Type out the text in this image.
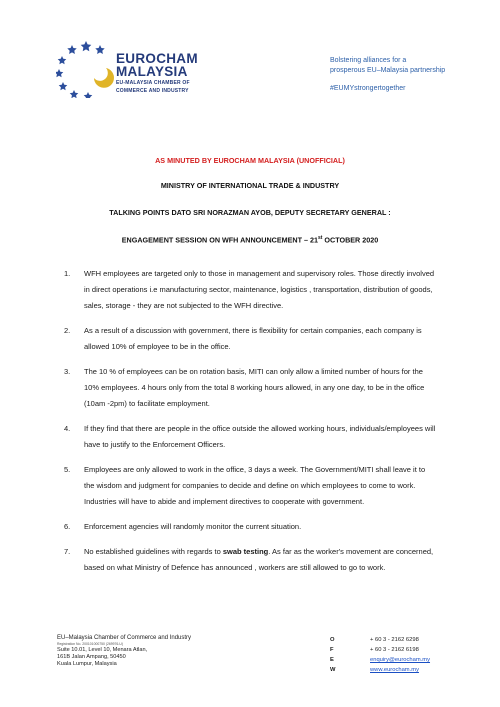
EUROCHAM
MALAYSIA
EU-MALAYSIA CHAMBER OF
COMMERCE AND INDUSTRY
Bolstering alliances for a
prosperous EU–Malaysia partnership
#EUMYstrongertogether
AS MINUTED BY EUROCHAM MALAYSIA (UNOFFICIAL)
MINISTRY OF INTERNATIONAL TRADE & INDUSTRY
TALKING POINTS DATO SRI NORAZMAN AYOB, DEPUTY SECRETARY GENERAL :
ENGAGEMENT SESSION ON WFH ANNOUNCEMENT – 21st OCTOBER 2020
1.	WFH employees are targeted only to those in management and supervisory roles. Those directly involved in direct operations i.e manufacturing sector, maintenance, logistics , transportation, distribution of goods, sales, storage - they are not subjected to the WFH directive.
2.	As a result of a discussion with government, there is flexibility for certain companies, each company is allowed 10% of employee to be in the office.
3.	The 10 % of employees can be on rotation basis, MITI can only allow a limited number of hours for the 10% employees. 4 hours only from the total 8 working hours allowed, in any one day, to be in the office (10am -2pm) to facilitate employment.
4.	If they find that there are people in the office outside the allowed working hours, individuals/employees will have to justify to the Enforcement Officers.
5.	Employees are only allowed to work in the office, 3 days a week. The Government/MITI shall leave it to the wisdom and judgment for companies to decide and define on which employees to come to work. Industries will have to abide and implement directives to cooperate with government.
6.	Enforcement agencies will randomly monitor the current situation.
7.	No established guidelines with regards to swab testing. As far as the worker's movement are concerned, based on what Ministry of Defence has announced , workers are still allowed to go to work.
EU–Malaysia Chamber of Commerce and Industry
Registration No. 200101000750 (269976-U)
Suite 10.01, Level 10, Menara Atlan,
161B Jalan Ampang, 50450
Kuala Lumpur, Malaysia
O	+ 60 3 - 2162 6298
F	+ 60 3 - 2162 6198
E	enquiry@eurocham.my
W	www.eurocham.my
